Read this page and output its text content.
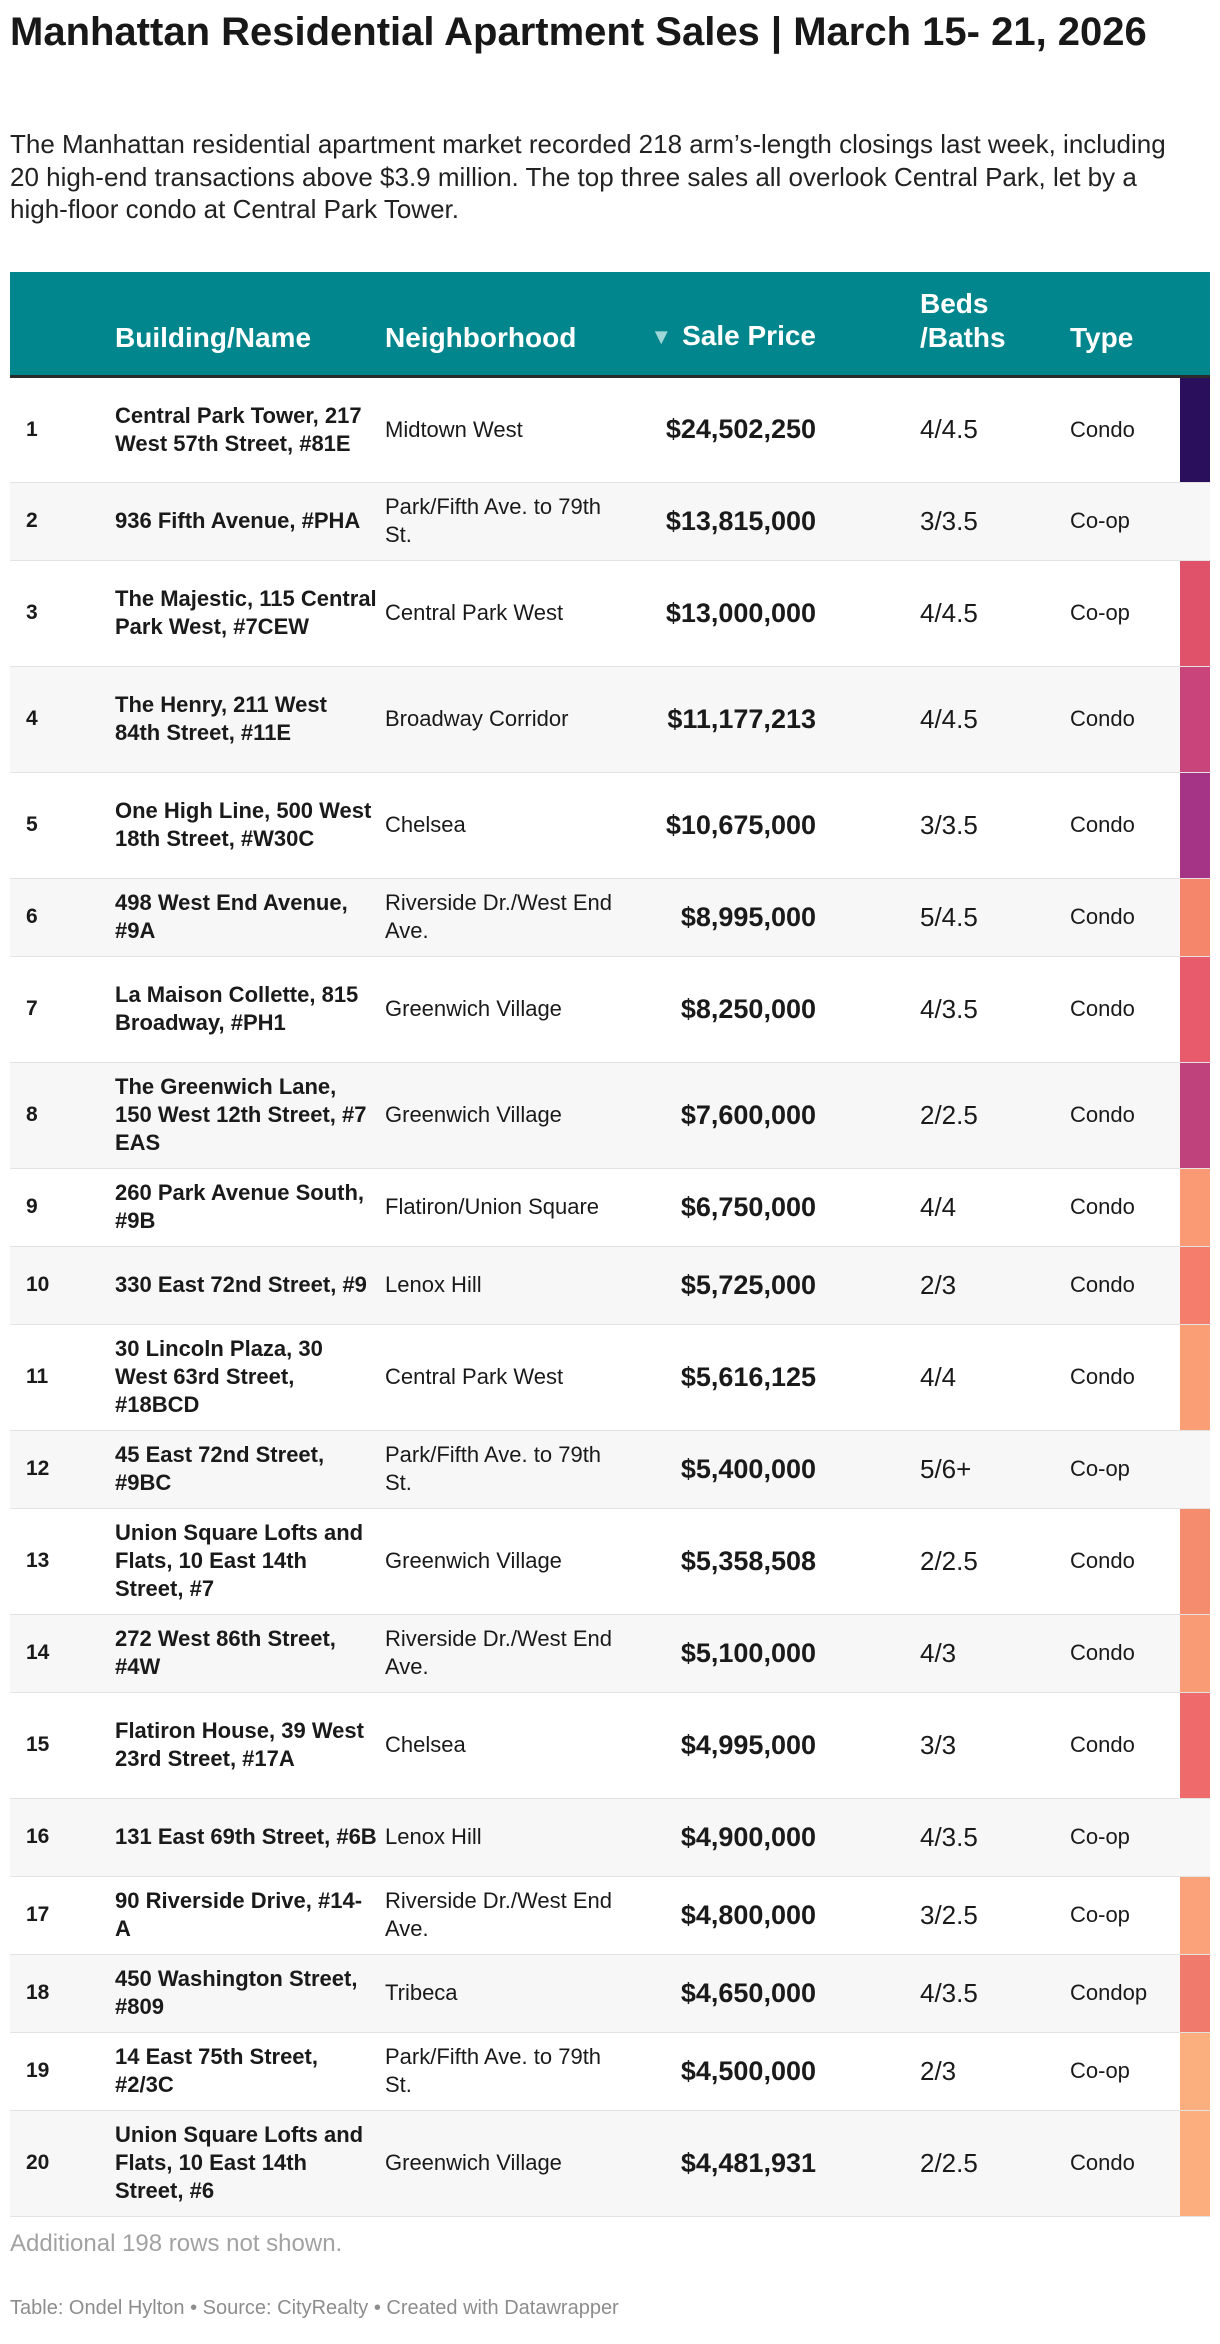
Manhattan Residential Apartment Sales | March 15- 21, 2026

The Manhattan residential apartment market recorded 218 arm’s-length closings last week, including 20 high-end transactions above $3.9 million. The top three sales all overlook Central Park, let by a high-floor condo at Central Park Tower.

	Building/Name	Neighborhood	▼ Sale Price	Beds /Baths	Type	
1	Central Park Tower, 217 West 57th Street, #81E	Midtown West	$24,502,250	4/4.5	Condo	
2	936 Fifth Avenue, #PHA	Park/Fifth Ave. to 79th St.	$13,815,000	3/3.5	Co-op	
3	The Majestic, 115 Central Park West, #7CEW	Central Park West	$13,000,000	4/4.5	Co-op	
4	The Henry, 211 West 84th Street, #11E	Broadway Corridor	$11,177,213	4/4.5	Condo	
5	One High Line, 500 West 18th Street, #W30C	Chelsea	$10,675,000	3/3.5	Condo	
6	498 West End Avenue, #9A	Riverside Dr./West End Ave.	$8,995,000	5/4.5	Condo	
7	La Maison Collette, 815 Broadway, #PH1	Greenwich Village	$8,250,000	4/3.5	Condo	
8	The Greenwich Lane, 150 West 12th Street, #7 EAS	Greenwich Village	$7,600,000	2/2.5	Condo	
9	260 Park Avenue South, #9B	Flatiron/Union Square	$6,750,000	4/4	Condo	
10	330 East 72nd Street, #9	Lenox Hill	$5,725,000	2/3	Condo	
11	30 Lincoln Plaza, 30 West 63rd Street, #18BCD	Central Park West	$5,616,125	4/4	Condo	
12	45 East 72nd Street, #9BC	Park/Fifth Ave. to 79th St.	$5,400,000	5/6+	Co-op	
13	Union Square Lofts and Flats, 10 East 14th Street, #7	Greenwich Village	$5,358,508	2/2.5	Condo	
14	272 West 86th Street, #4W	Riverside Dr./West End Ave.	$5,100,000	4/3	Condo	
15	Flatiron House, 39 West 23rd Street, #17A	Chelsea	$4,995,000	3/3	Condo	
16	131 East 69th Street, #6B	Lenox Hill	$4,900,000	4/3.5	Co-op	
17	90 Riverside Drive, #14-A	Riverside Dr./West End Ave.	$4,800,000	3/2.5	Co-op	
18	450 Washington Street, #809	Tribeca	$4,650,000	4/3.5	Condop	
19	14 East 75th Street, #2/3C	Park/Fifth Ave. to 79th St.	$4,500,000	2/3	Co-op	
20	Union Square Lofts and Flats, 10 East 14th Street, #6	Greenwich Village	$4,481,931	2/2.5	Condo	
Additional 198 rows not shown.
Table: Ondel Hylton • Source: CityRealty • Created with Datawrapper
